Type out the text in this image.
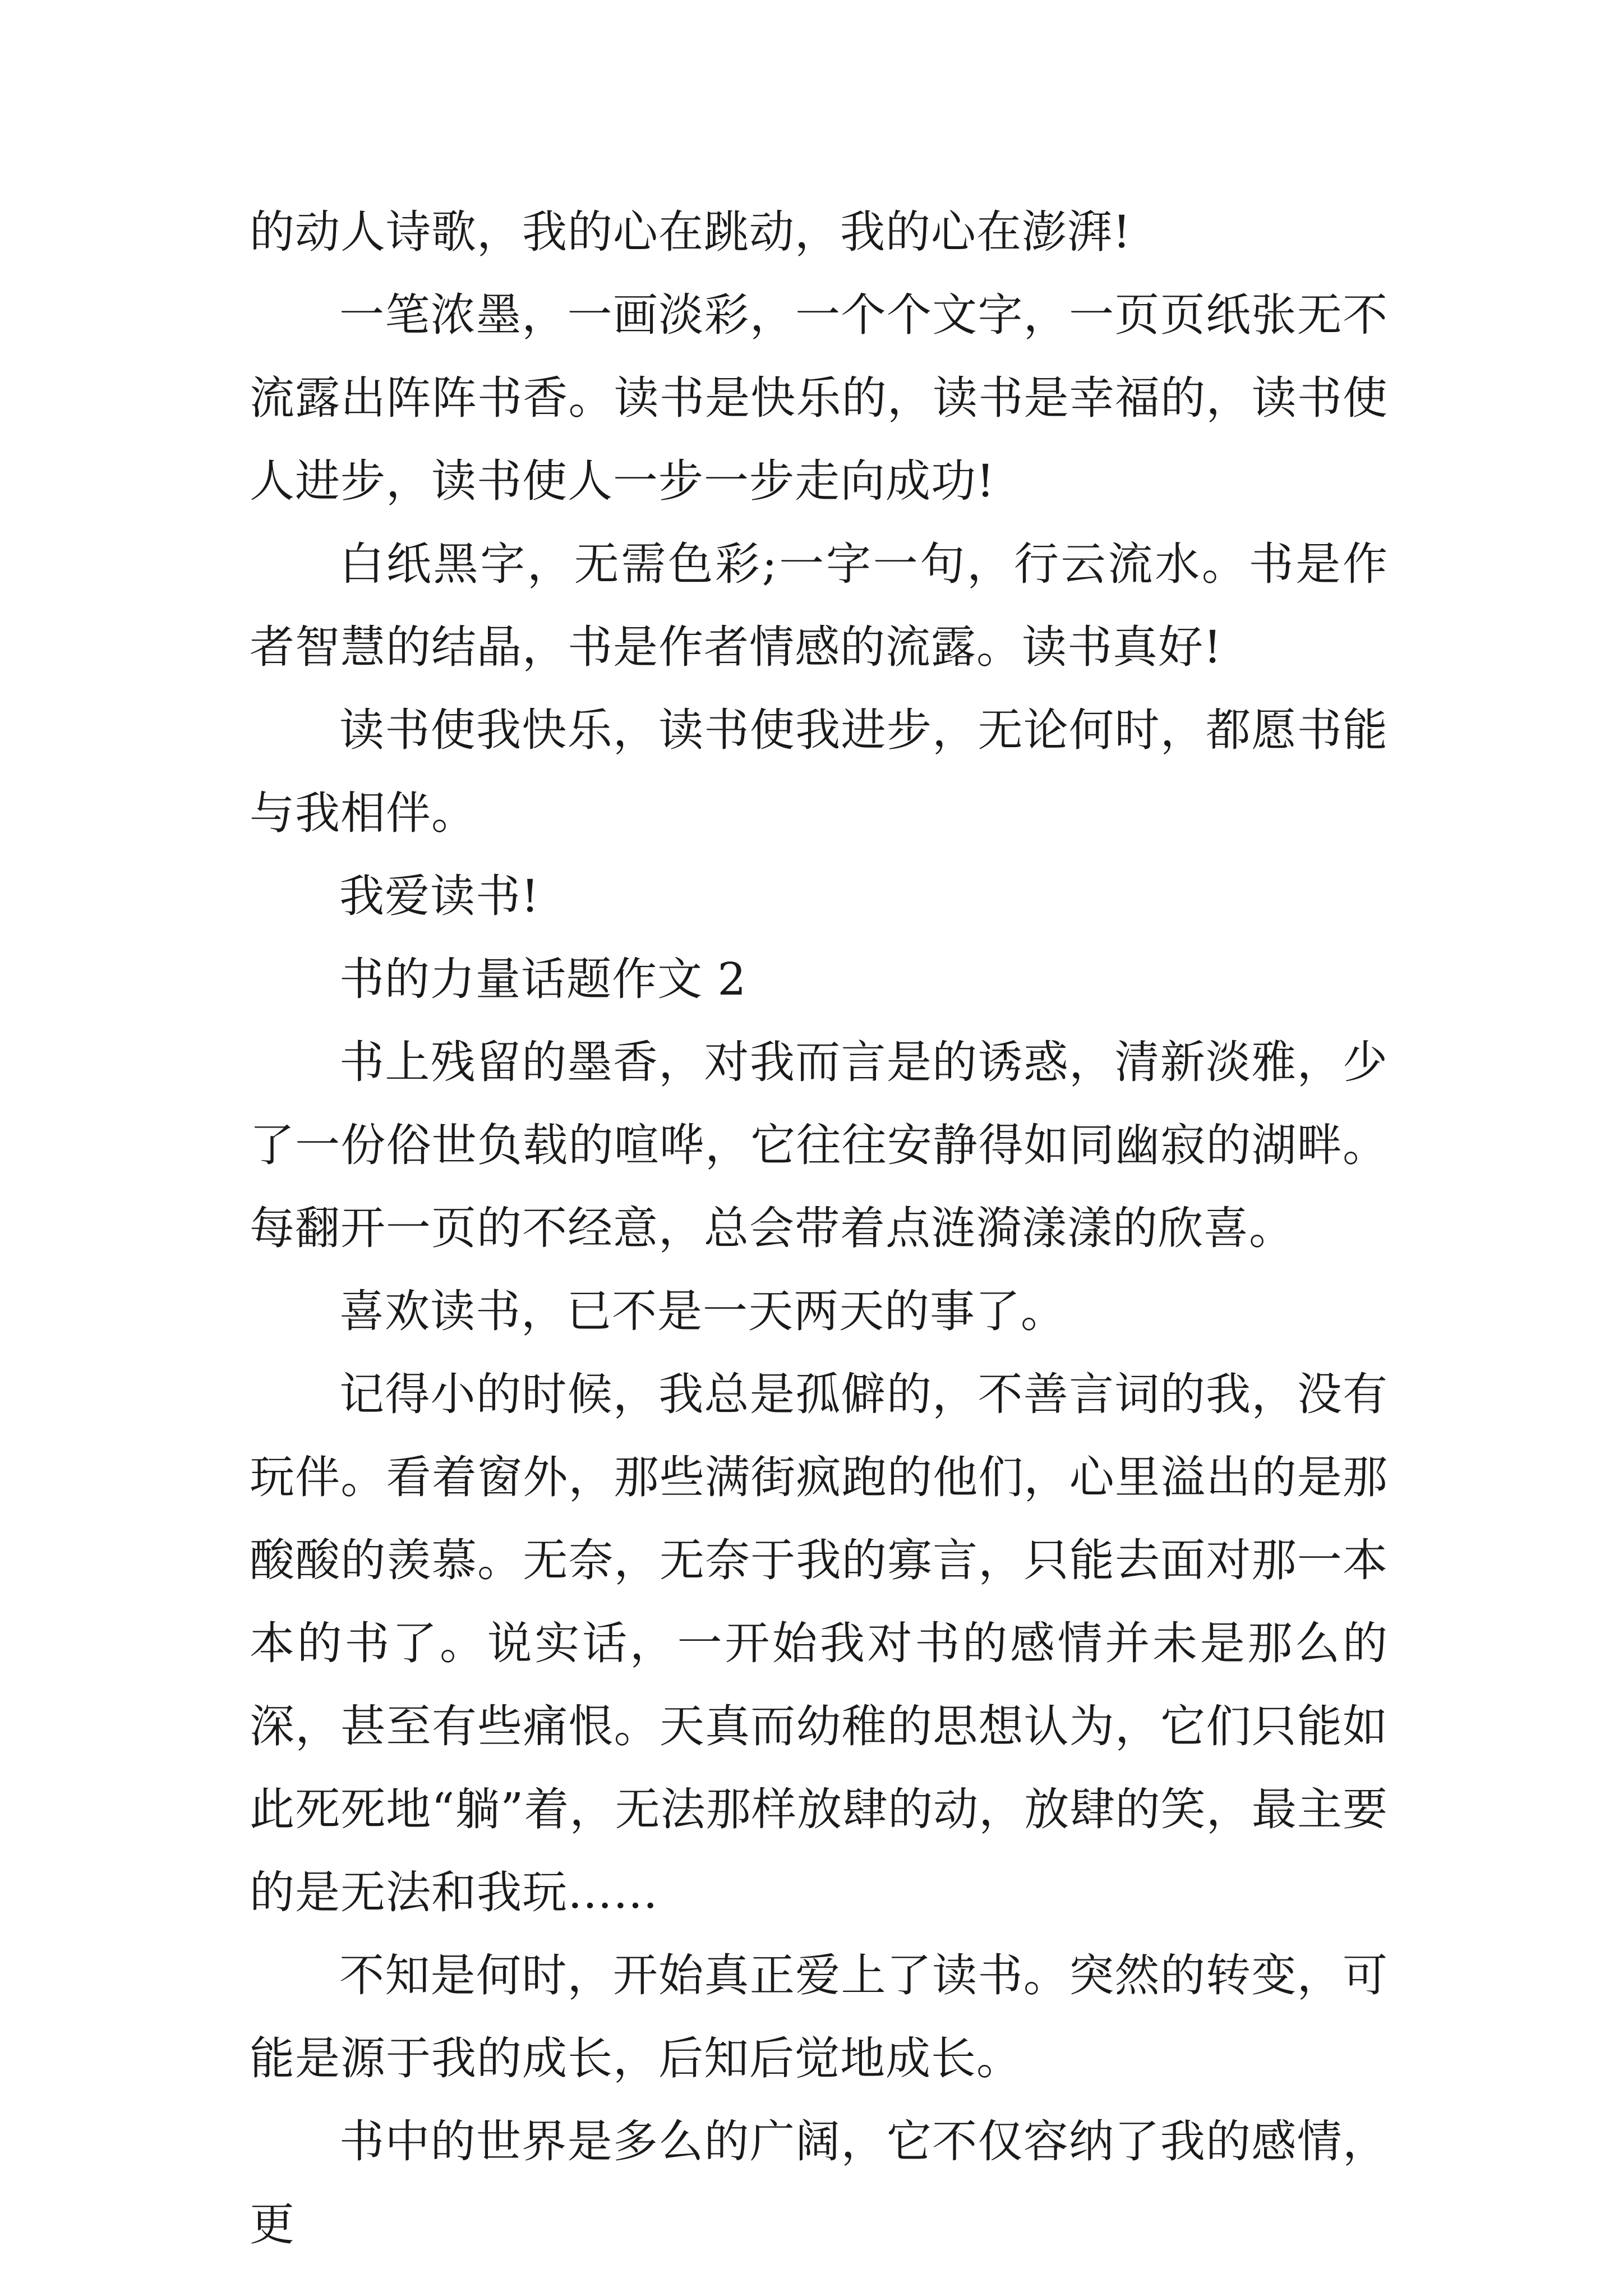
的动人诗歌，我的心在跳动，我的心在澎湃!

一笔浓墨，一画淡彩，一个个文字，一页页纸张无不流露出阵阵书香。读书是快乐的，读书是幸福的，读书使人进步，读书使人一步一步走向成功!

白纸黑字，无需色彩;一字一句，行云流水。书是作者智慧的结晶，书是作者情感的流露。读书真好!

读书使我快乐，读书使我进步，无论何时，都愿书能与我相伴。

我爱读书!

书的力量话题作文 2

书上残留的墨香，对我而言是的诱惑，清新淡雅，少了一份俗世负载的喧哗，它往往安静得如同幽寂的湖畔。每翻开一页的不经意，总会带着点涟漪漾漾的欣喜。

喜欢读书，已不是一天两天的事了。

记得小的时候，我总是孤僻的，不善言词的我，没有玩伴。看着窗外，那些满街疯跑的他们，心里溢出的是那酸酸的羡慕。无奈，无奈于我的寡言，只能去面对那一本本的书了。说实话，一开始我对书的感情并未是那么的深，甚至有些痛恨。天真而幼稚的思想认为，它们只能如此死死地“躺”着，无法那样放肆的动，放肆的笑，最主要的是无法和我玩……

不知是何时，开始真正爱上了读书。突然的转变，可能是源于我的成长，后知后觉地成长。

书中的世界是多么的广阔，它不仅容纳了我的感情，更
